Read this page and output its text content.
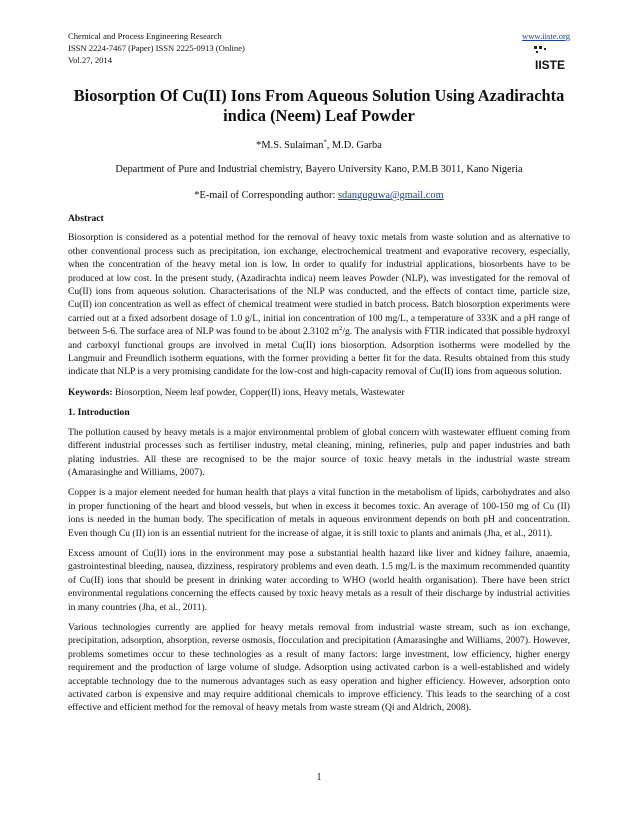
Chemical and Process Engineering Research
ISSN 2224-7467 (Paper) ISSN 2225-0913 (Online)
Vol.27, 2014
www.iiste.org
IISTE
Biosorption Of Cu(II) Ions From Aqueous Solution Using Azadirachta indica (Neem) Leaf Powder
*M.S. Sulaiman*, M.D. Garba
Department of Pure and Industrial chemistry, Bayero University Kano, P.M.B 3011, Kano Nigeria
*E-mail of Corresponding author: sdanguguwa@gmail.com
Abstract

Biosorption is considered as a potential method for the removal of heavy toxic metals from waste solution and as alternative to other conventional process such as precipitation, ion exchange, electrochemical treatment and evaporative recovery, especially, when the concentration of the heavy metal ion is low. In order to qualify for industrial applications, biosorbents have to be produced at low cost. In the present study, (Azadirachta indica) neem leaves Powder (NLP), was investigated for the removal of Cu(II) ions from aqueous solution. Characterisations of the NLP was conducted, and the effects of contact time, particle size, Cu(II) ion concentration as well as effect of chemical treatment were studied in batch process. Batch biosorption experiments were carried out at a fixed adsorbent dosage of 1.0 g/L, initial ion concentration of 100 mg/L, a temperature of 333K and a pH range of between 5-6. The surface area of NLP was found to be about 2.3102 $m^2/g$. The analysis with FTIR indicated that possible hydroxyl and carboxyl functional groups are involved in metal Cu(II) ions biosorption. Adsorption isotherms were modelled by the Langmuir and Freundlich isotherm equations, with the former providing a better fit for the data. Results obtained from this study indicate that NLP is a very promising candidate for the low-cost and high-capacity removal of Cu(II) ions from aqueous solution.

Keywords: Biosorption, Neem leaf powder, Copper(II) ions, Heavy metals, Wastewater

1. Introduction

The pollution caused by heavy metals is a major environmental problem of global concern with wastewater effluent coming from different industrial processes such as fertiliser industry, metal cleaning, mining, refineries, pulp and paper industries and bath plating industries. All these are recognised to be the major source of toxic heavy metals in the industrial waste stream (Amarasinghe and Williams, 2007).

Copper is a major element needed for human health that plays a vital function in the metabolism of lipids, carbohydrates and also in proper functioning of the heart and blood vessels, but when in excess it becomes toxic. An average of 100-150 mg of Cu (II) ions is needed in the human body. The specification of metals in aqueous environment depends on both pH and concentration. Even though Cu (II) ion is an essential nutrient for the increase of algae, it is still toxic to plants and animals (Jha, et al., 2011).

Excess amount of Cu(II) ions in the environment may pose a substantial health hazard like liver and kidney failure, anaemia, gastrointestinal bleeding, nausea, dizziness, respiratory problems and even death. 1.5 mg/L is the maximum recommended quantity of Cu(II) ions that should be present in drinking water according to WHO (world health organisation). There have been strict environmental regulations concerning the effects caused by toxic heavy metals as a result of their discharge by industrial activities in many countries (Jha, et al., 2011).

Various technologies currently are applied for heavy metals removal from industrial waste stream, such as ion exchange, precipitation, adsorption, absorption, reverse osmosis, flocculation and precipitation (Amarasinghe and Williams, 2007). However, problems sometimes occur to these technologies as a result of many factors: large investment, low efficiency, higher energy requirement and the production of large volume of sludge. Adsorption using activated carbon is a well-established and widely acceptable technology due to the numerous advantages such as easy operation and higher efficiency. However, adsorption onto activated carbon is expensive and may require additional chemicals to improve efficiency. This leads to the searching of a cost effective and efficient method for the removal of heavy metals from waste stream (Qi and Aldrich, 2008).

1
